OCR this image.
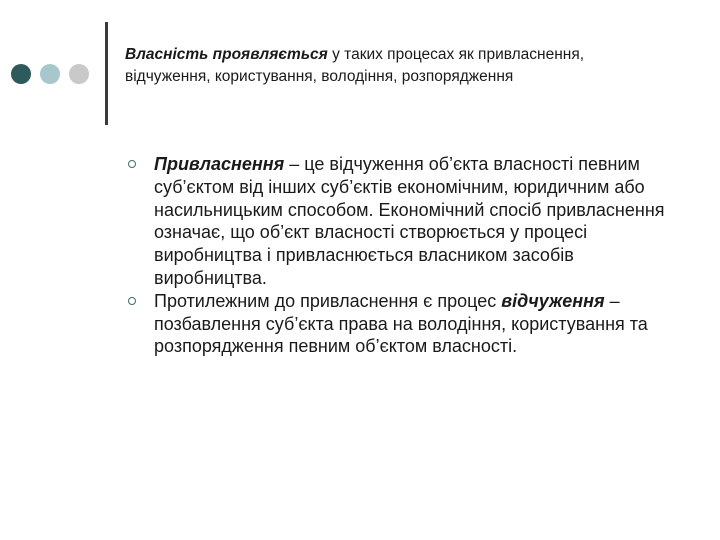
Власність проявляється у таких процесах як привласнення, відчуження, користування, володіння, розпорядження
Привласнення – це відчуження об’єкта власності певним суб’єктом від інших суб’єктів економічним, юридичним або насильницьким способом. Економічний спосіб привласнення означає, що об’єкт власності створюється у процесі виробництва і привласнюється власником засобів виробництва.
Протилежним до привласнення є процес відчуження – позбавлення суб’єкта права на володіння, користування та розпорядження певним об’єктом власності.
